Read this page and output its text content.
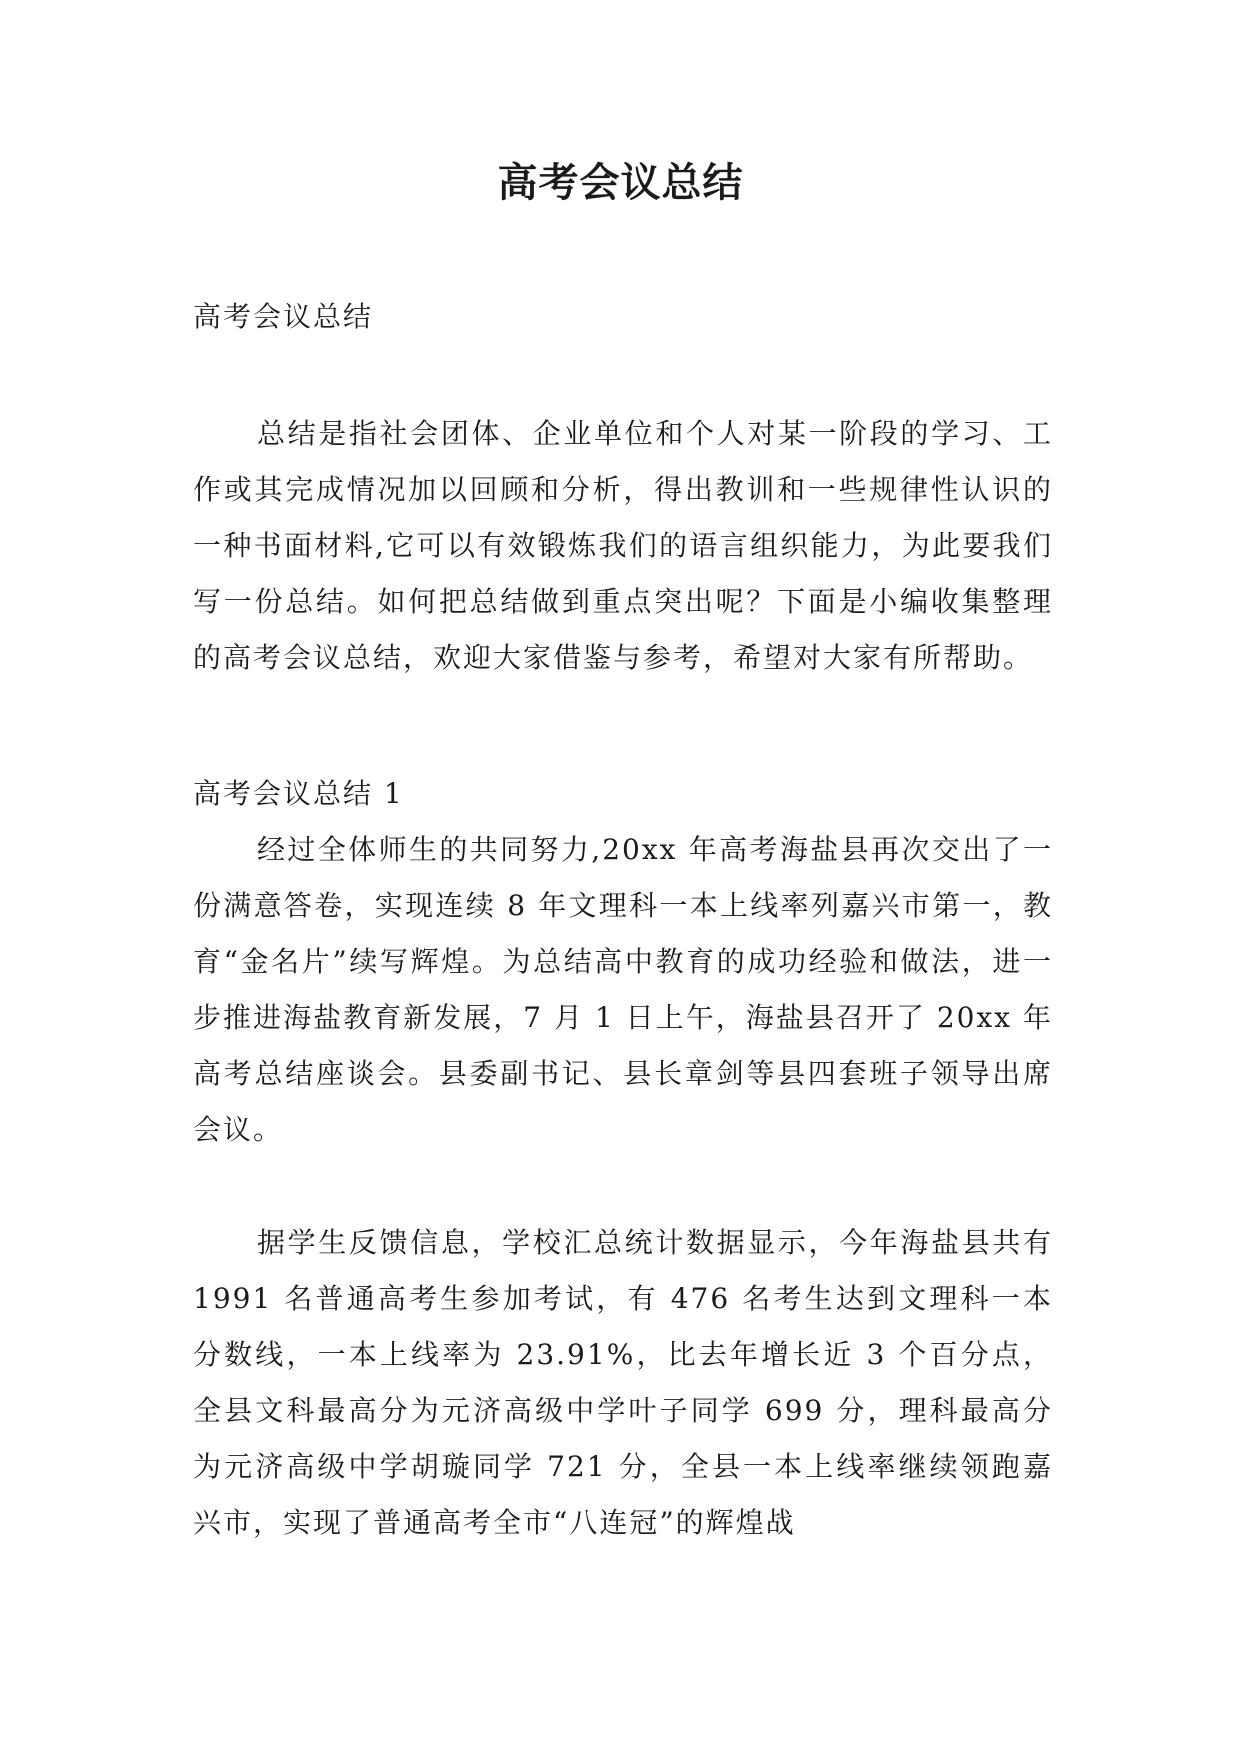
高考会议总结

高考会议总结

总结是指社会团体、企业单位和个人对某一阶段的学习、工作或其完成情况加以回顾和分析，得出教训和一些规律性认识的一种书面材料,它可以有效锻炼我们的语言组织能力，为此要我们写一份总结。如何把总结做到重点突出呢？下面是小编收集整理的高考会议总结，欢迎大家借鉴与参考，希望对大家有所帮助。

高考会议总结 1

经过全体师生的共同努力,20xx 年高考海盐县再次交出了一份满意答卷，实现连续 8 年文理科一本上线率列嘉兴市第一，教育“金名片”续写辉煌。为总结高中教育的成功经验和做法，进一步推进海盐教育新发展，7 月 1 日上午，海盐县召开了 20xx 年高考总结座谈会。县委副书记、县长章剑等县四套班子领导出席会议。

据学生反馈信息，学校汇总统计数据显示，今年海盐县共有 1991 名普通高考生参加考试，有 476 名考生达到文理科一本分数线，一本上线率为 23.91%，比去年增长近 3 个百分点，全县文科最高分为元济高级中学叶子同学 699 分，理科最高分为元济高级中学胡璇同学 721 分，全县一本上线率继续领跑嘉兴市，实现了普通高考全市“八连冠”的辉煌战
